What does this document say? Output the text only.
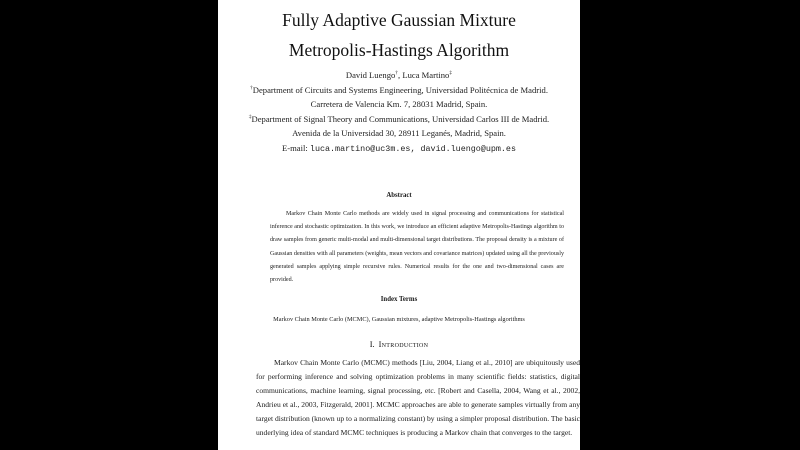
Fully Adaptive Gaussian Mixture
Metropolis-Hastings Algorithm
David Luengo†, Luca Martino‡
†Department of Circuits and Systems Engineering, Universidad Politécnica de Madrid.
Carretera de Valencia Km. 7, 28031 Madrid, Spain.
‡Department of Signal Theory and Communications, Universidad Carlos III de Madrid.
Avenida de la Universidad 30, 28911 Leganés, Madrid, Spain.
E-mail: luca.martino@uc3m.es, david.luengo@upm.es
Abstract
Markov Chain Monte Carlo methods are widely used in signal processing and communications for statistical inference and stochastic optimization. In this work, we introduce an efficient adaptive Metropolis-Hastings algorithm to draw samples from generic multi-modal and multi-dimensional target distributions. The proposal density is a mixture of Gaussian densities with all parameters (weights, mean vectors and covariance matrices) updated using all the previously generated samples applying simple recursive rules. Numerical results for the one and two-dimensional cases are provided.
Index Terms
Markov Chain Monte Carlo (MCMC), Gaussian mixtures, adaptive Metropolis-Hastings algorithms
I. Introduction
Markov Chain Monte Carlo (MCMC) methods [Liu, 2004, Liang et al., 2010] are ubiquitously used for performing inference and solving optimization problems in many scientific fields: statistics, digital communications, machine learning, signal processing, etc. [Robert and Casella, 2004, Wang et al., 2002, Andrieu et al., 2003, Fitzgerald, 2001]. MCMC approaches are able to generate samples virtually from any target distribution (known up to a normalizing constant) by using a simpler proposal distribution. The basic underlying idea of standard MCMC techniques is producing a Markov chain that converges to the target.
